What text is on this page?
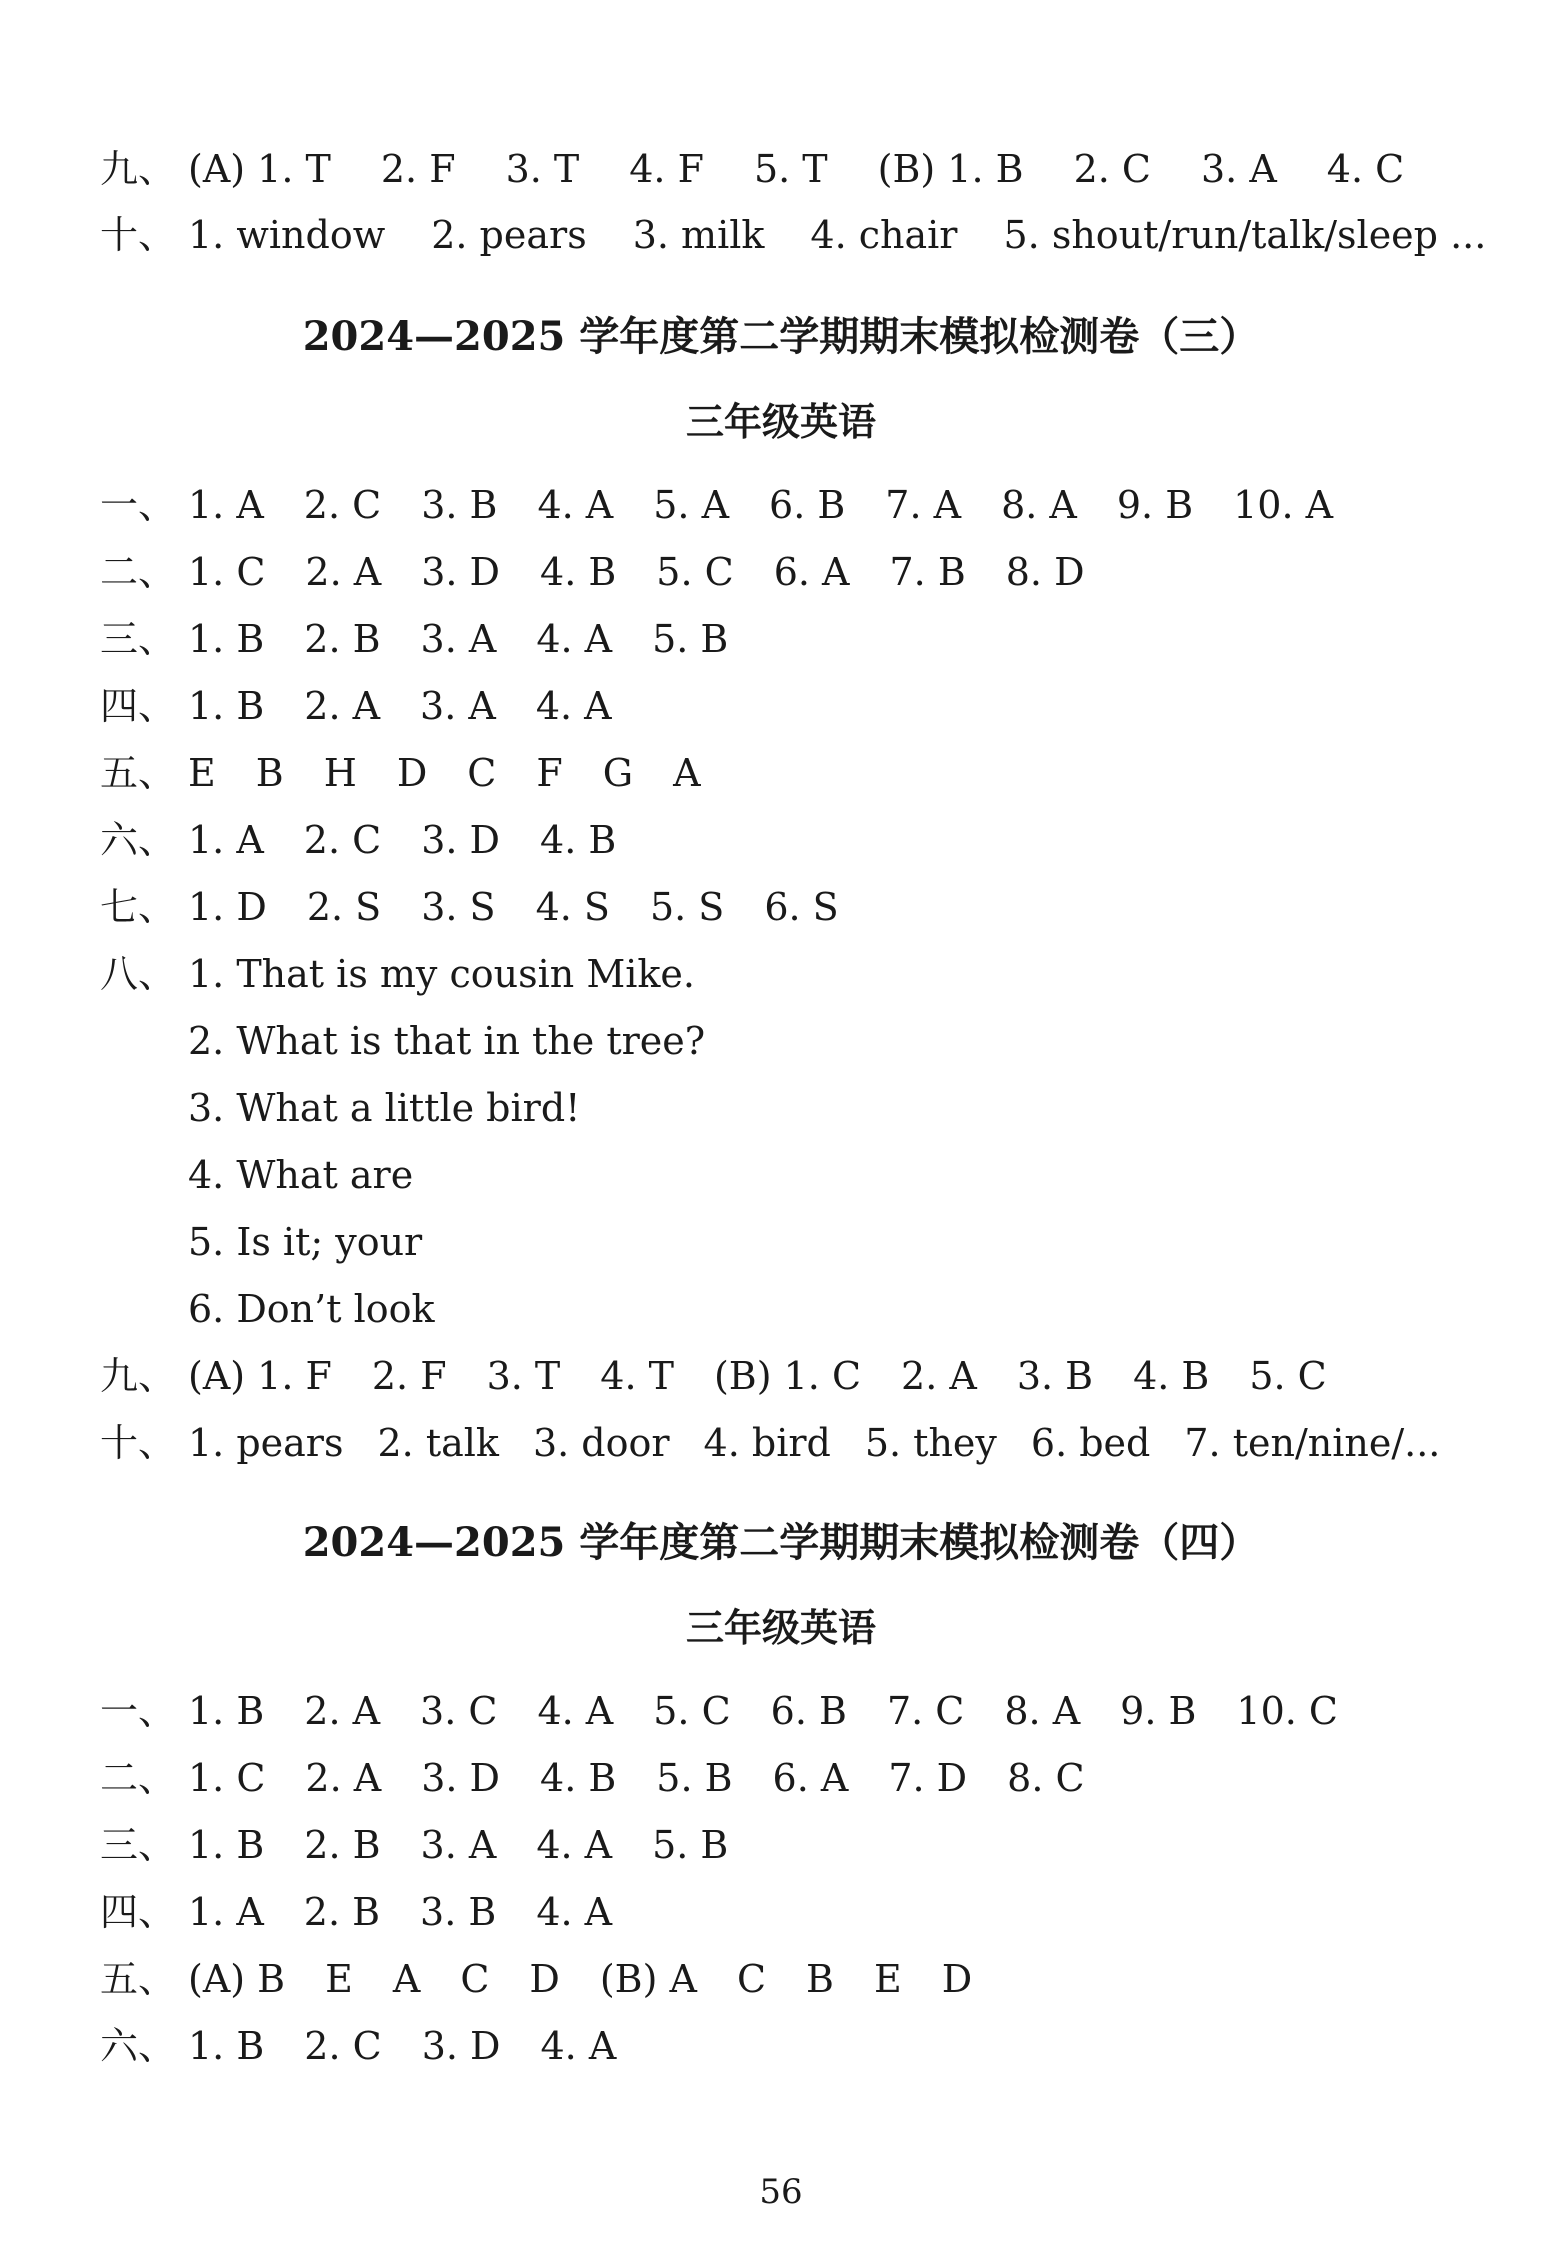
九、 (A) 1. T 2. F 3. T 4. F 5. T (B) 1. B 2. C 3. A 4. C
十、 1. window 2. pears 3. milk 4. chair 5. shout/run/talk/sleep ...
2024—2025 学年度第二学期期末模拟检测卷（三）
三年级英语
一、 1. A 2. C 3. B 4. A 5. A 6. B 7. A 8. A 9. B 10. A
二、 1. C 2. A 3. D 4. B 5. C 6. A 7. B 8. D
三、 1. B 2. B 3. A 4. A 5. B
四、 1. B 2. A 3. A 4. A
五、 E B H D C F G A
六、 1. A 2. C 3. D 4. B
七、 1. D 2. S 3. S 4. S 5. S 6. S
八、 1. That is my cousin Mike.
2. What is that in the tree?
3. What a little bird!
4. What are
5. Is it; your
6. Don’t look
九、 (A) 1. F 2. F 3. T 4. T (B) 1. C 2. A 3. B 4. B 5. C
十、 1. pears 2. talk 3. door 4. bird 5. they 6. bed 7. ten/nine/...
2024—2025 学年度第二学期期末模拟检测卷（四）
三年级英语
一、 1. B 2. A 3. C 4. A 5. C 6. B 7. C 8. A 9. B 10. C
二、 1. C 2. A 3. D 4. B 5. B 6. A 7. D 8. C
三、 1. B 2. B 3. A 4. A 5. B
四、 1. A 2. B 3. B 4. A
五、 (A) B E A C D (B) A C B E D
六、 1. B 2. C 3. D 4. A
56
